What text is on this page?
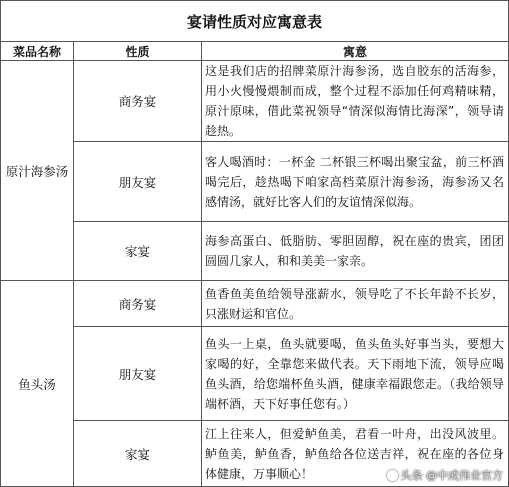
宴请性质对应寓意表		
菜品名称	性质	寓意
原汁海参汤	商务宴	这是我们店的招牌菜原汁海参汤，选自胶东的活海参，用小火慢慢煨制而成，整个过程不添加任何鸡精味精，原汁原味，借此菜祝领导“情深似海情比海深”，领导请趁热。
	朋友宴	客人喝酒时：一杯金 二杯银三杯喝出聚宝盆，前三杯酒喝完后，趁热喝下咱家高档菜原汁海参汤，海参汤又名感情汤，就好比客人们的友谊情深似海。
	家宴	海参高蛋白、低脂肪、零胆固醇，祝在座的贵宾，团团圆圆几家人，和和美美一家亲。
鱼头汤	商务宴	鱼香鱼美鱼给领导涨薪水，领导吃了不长年龄不长岁，只涨财运和官位。
	朋友宴	鱼头一上桌，鱼头就要喝，鱼头鱼头好事当头，要想大家喝的好，全靠您来做代表。天下雨地下流，领导应喝鱼头酒，给您端杯鱼头酒，健康幸福跟您走。（我给领导端杯酒，天下好事任您有。）
	家宴	江上往来人，但爱鲈鱼美，君看一叶舟，出没风波里。鲈鱼美，鲈鱼香，鲈鱼给各位送吉祥，祝在座的各位身体健康，万事顺心！	头条 @中成伟业官方
